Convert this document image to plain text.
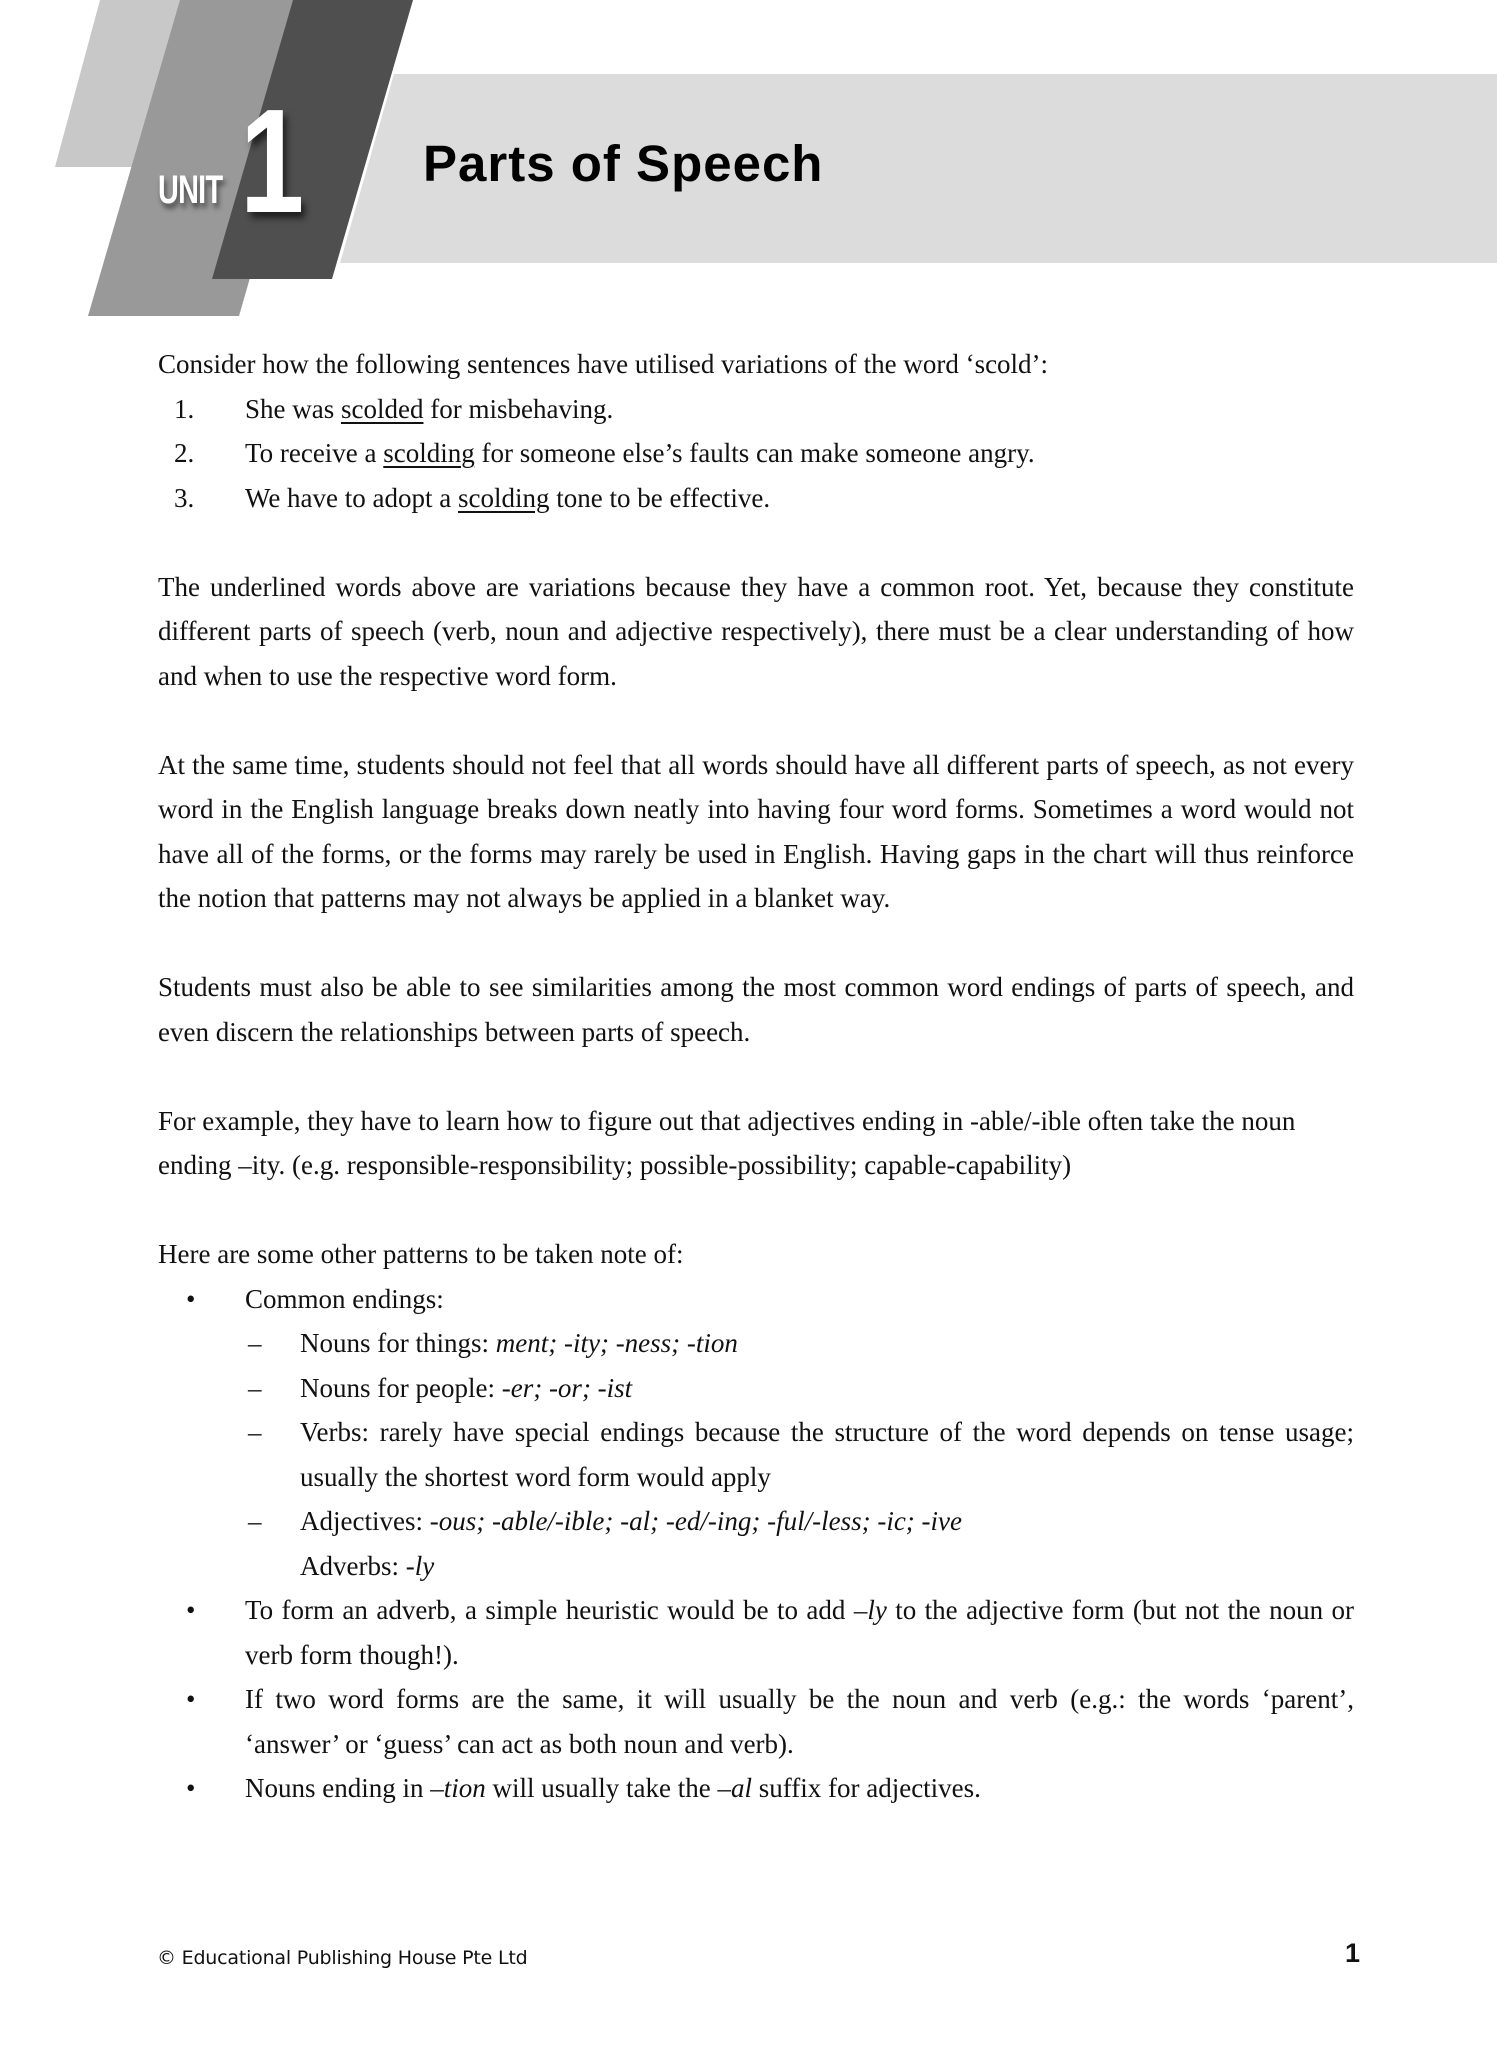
UNIT 1 Parts of Speech

Consider how the following sentences have utilised variations of the word ‘scold’:

1. She was scolded for misbehaving.
2. To receive a scolding for someone else’s faults can make someone angry.
3. We have to adopt a scolding tone to be effective.

The underlined words above are variations because they have a common root. Yet, because they constitute different parts of speech (verb, noun and adjective respectively), there must be a clear understanding of how and when to use the respective word form.

At the same time, students should not feel that all words should have all different parts of speech, as not every word in the English language breaks down neatly into having four word forms. Sometimes a word would not have all of the forms, or the forms may rarely be used in English. Having gaps in the chart will thus reinforce the notion that patterns may not always be applied in a blanket way.

Students must also be able to see similarities among the most common word endings of parts of speech, and even discern the relationships between parts of speech.

For example, they have to learn how to figure out that adjectives ending in -able/-ible often take the noun ending –ity. (e.g. responsible-responsibility; possible-possibility; capable-capability)

Here are some other patterns to be taken note of:

• Common endings:
– Nouns for things: ment; -ity; -ness; -tion
– Nouns for people: -er; -or; -ist
– Verbs: rarely have special endings because the structure of the word depends on tense usage; usually the shortest word form would apply
– Adjectives: -ous; -able/-ible; -al; -ed/-ing; -ful/-less; -ic; -ive
Adverbs: -ly
• To form an adverb, a simple heuristic would be to add –ly to the adjective form (but not the noun or verb form though!).
• If two word forms are the same, it will usually be the noun and verb (e.g.: the words ‘parent’, ‘answer’ or ‘guess’ can act as both noun and verb).
• Nouns ending in –tion will usually take the –al suffix for adjectives.
© Educational Publishing House Pte Ltd	1
